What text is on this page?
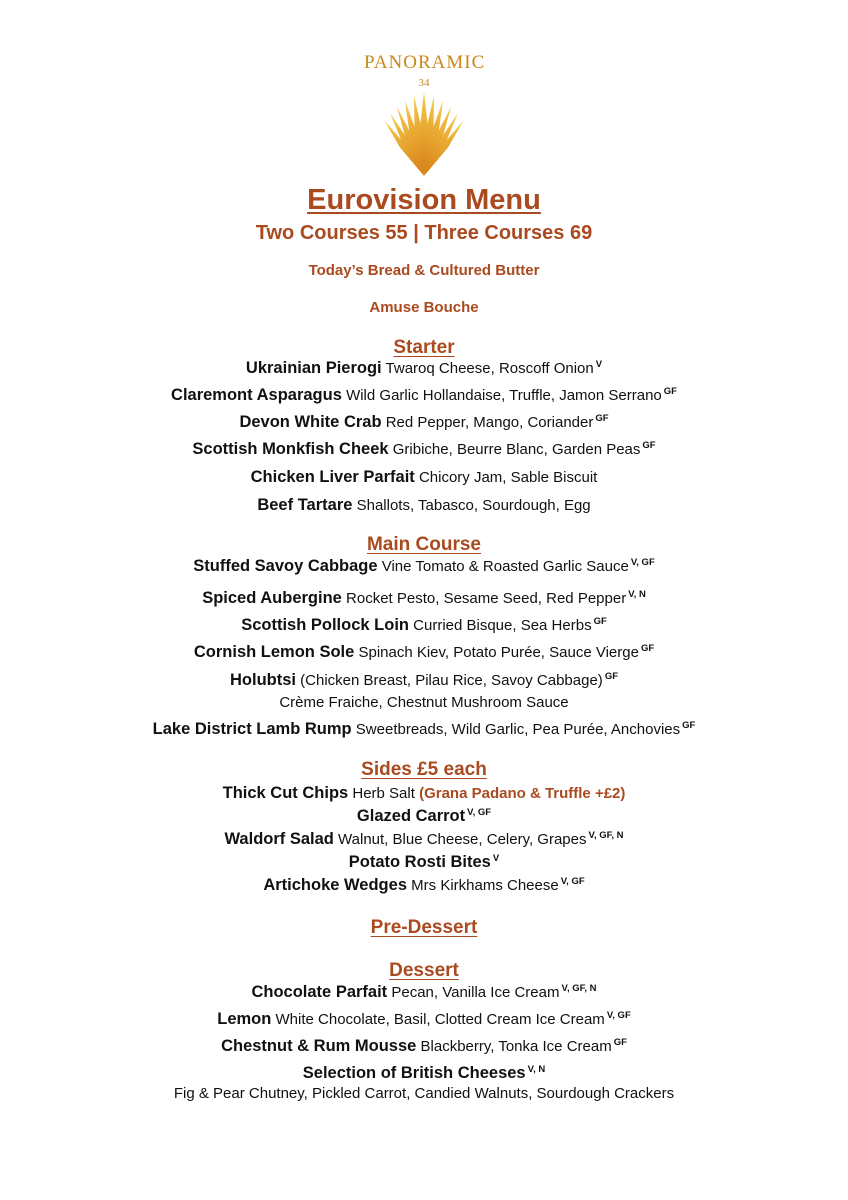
PANORAMIC
34
Eurovision Menu
Two Courses 55 | Three Courses 69
Today’s Bread & Cultured Butter
Amuse Bouche
Starter
Ukrainian Pierogi Twaroq Cheese, Roscoff Onion $^V$
Claremont Asparagus Wild Garlic Hollandaise, Truffle, Jamon Serrano $^{GF}$
Devon White Crab Red Pepper, Mango, Coriander $^{GF}$
Scottish Monkfish Cheek Gribiche, Beurre Blanc, Garden Peas $^{GF}$
Chicken Liver Parfait Chicory Jam, Sable Biscuit
Beef Tartare Shallots, Tabasco, Sourdough, Egg
Main Course
Stuffed Savoy Cabbage Vine Tomato & Roasted Garlic Sauce $^{V, GF}$
Spiced Aubergine Rocket Pesto, Sesame Seed, Red Pepper $^{V, N}$
Scottish Pollock Loin Curried Bisque, Sea Herbs $^{GF}$
Cornish Lemon Sole Spinach Kiev, Potato Purée, Sauce Vierge $^{GF}$
Holubtsi (Chicken Breast, Pilau Rice, Savoy Cabbage) $^{GF}$
Crème Fraiche, Chestnut Mushroom Sauce
Lake District Lamb Rump Sweetbreads, Wild Garlic, Pea Purée, Anchovies $^{GF}$
Sides £5 each
Thick Cut Chips Herb Salt (Grana Padano & Truffle +£2)
Glazed Carrot $^{V, GF}$
Waldorf Salad Walnut, Blue Cheese, Celery, Grapes $^{V, GF, N}$
Potato Rosti Bites $^V$
Artichoke Wedges Mrs Kirkhams Cheese $^{V, GF}$
Pre-Dessert
Dessert
Chocolate Parfait Pecan, Vanilla Ice Cream $^{V, GF, N}$
Lemon White Chocolate, Basil, Clotted Cream Ice Cream $^{V, GF}$
Chestnut & Rum Mousse Blackberry, Tonka Ice Cream $^{GF}$
Selection of British Cheeses $^{V, N}$
Fig & Pear Chutney, Pickled Carrot, Candied Walnuts, Sourdough Crackers
